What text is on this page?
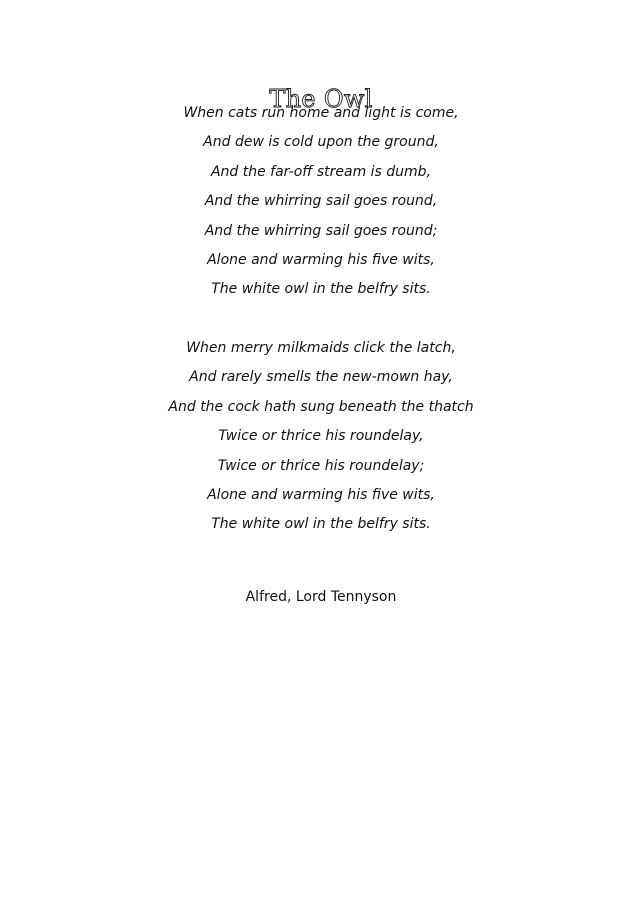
The Owl
When cats run home and light is come,
And dew is cold upon the ground,
And the far-off stream is dumb,
And the whirring sail goes round,
And the whirring sail goes round;
Alone and warming his five wits,
The white owl in the belfry sits.
When merry milkmaids click the latch,
And rarely smells the new-mown hay,
And the cock hath sung beneath the thatch
Twice or thrice his roundelay,
Twice or thrice his roundelay;
Alone and warming his five wits,
The white owl in the belfry sits.

Alfred, Lord Tennyson
